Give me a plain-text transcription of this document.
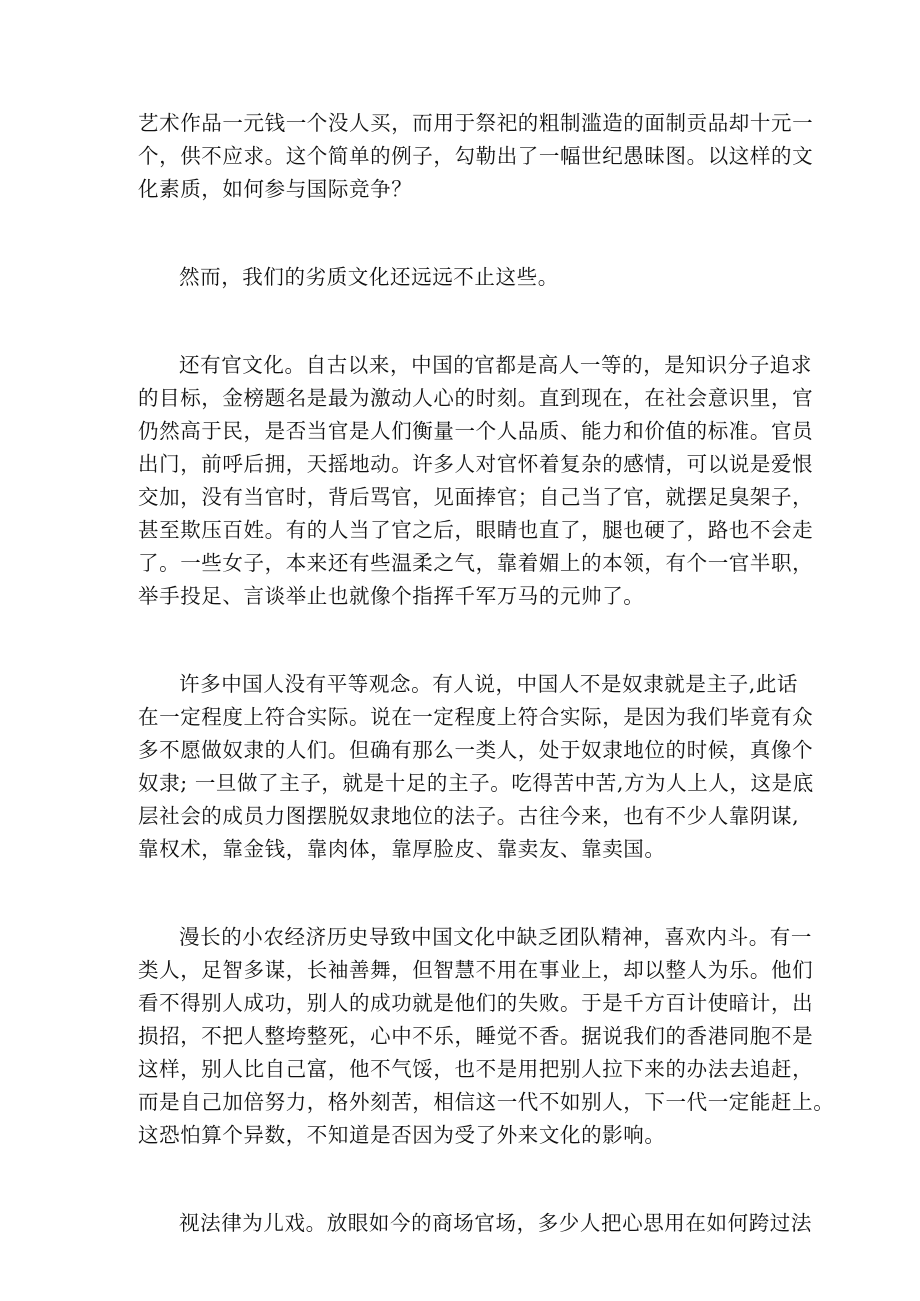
艺术作品一元钱一个没人买，而用于祭祀的粗制滥造的面制贡品却十元一
个，供不应求。这个简单的例子，勾勒出了一幅世纪愚昧图。以这样的文
化素质，如何参与国际竞争？
然而，我们的劣质文化还远远不止这些。
还有官文化。自古以来，中国的官都是高人一等的，是知识分子追求
的目标，金榜题名是最为激动人心的时刻。直到现在，在社会意识里，官
仍然高于民，是否当官是人们衡量一个人品质、能力和价值的标准。官员
出门，前呼后拥，天摇地动。许多人对官怀着复杂的感情，可以说是爱恨
交加，没有当官时，背后骂官，见面捧官；自己当了官，就摆足臭架子，
甚至欺压百姓。有的人当了官之后，眼睛也直了，腿也硬了，路也不会走
了。一些女子，本来还有些温柔之气，靠着媚上的本领，有个一官半职，
举手投足、言谈举止也就像个指挥千军万马的元帅了。
许多中国人没有平等观念。有人说，中国人不是奴隶就是主子,此话
在一定程度上符合实际。说在一定程度上符合实际，是因为我们毕竟有众
多不愿做奴隶的人们。但确有那么一类人，处于奴隶地位的时候，真像个
奴隶; 一旦做了主子，就是十足的主子。吃得苦中苦,方为人上人，这是底
层社会的成员力图摆脱奴隶地位的法子。古往今来，也有不少人靠阴谋,
靠权术，靠金钱，靠肉体，靠厚脸皮、靠卖友、靠卖国。
漫长的小农经济历史导致中国文化中缺乏团队精神，喜欢内斗。有一
类人，足智多谋，长袖善舞，但智慧不用在事业上，却以整人为乐。他们
看不得别人成功，别人的成功就是他们的失败。于是千方百计使暗计，出
损招，不把人整垮整死，心中不乐，睡觉不香。据说我们的香港同胞不是
这样，别人比自己富，他不气馁，也不是用把别人拉下来的办法去追赶，
而是自己加倍努力，格外刻苦，相信这一代不如别人，下一代一定能赶上。
这恐怕算个异数，不知道是否因为受了外来文化的影响。
视法律为儿戏。放眼如今的商场官场，多少人把心思用在如何跨过法
